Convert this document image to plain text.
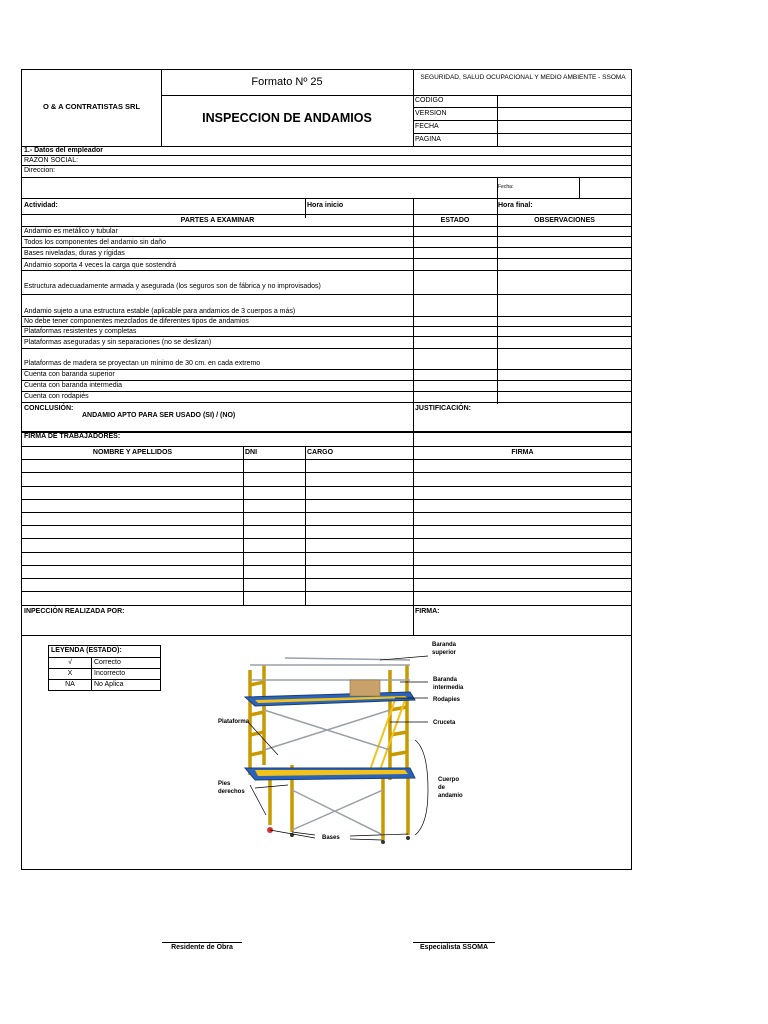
O & A CONTRATISTAS SRL
Formato Nº 25
INSPECCION DE ANDAMIOS
SEGURIDAD, SALUD OCUPACIONAL Y MEDIO AMBIENTE - SSOMA
CODIGO
VERSION
FECHA
PAGINA
1.- Datos del empleador
RAZON SOCIAL:
Direccion:
Fecha:
Actividad:	Hora inicio	Hora final:
PARTES A EXAMINAR	ESTADO	OBSERVACIONES
Andamio es metálico y tubular
Todos los componentes del andamio sin daño
Bases niveladas, duras y rígidas
Andamio soporta 4 veces la carga que sostendrá
Estructura adecuadamente armada y asegurada (los seguros son de fábrica y no improvisados)
Andamio sujeto a una estructura estable (aplicable para andamios de 3 cuerpos a más)
No debe tener componentes mezclados de diferentes tipos de andamios
Plataformas resistentes y completas
Plataformas aseguradas y sin separaciones (no se deslizan)
Plataformas de madera se proyectan un mínimo de 30 cm. en cada extremo
Cuenta con baranda superior
Cuenta con baranda intermedia
Cuenta con rodapiés
CONCLUSIÓN:
ANDAMIO APTO PARA SER USADO (SI) / (NO)
JUSTIFICACIÓN:
FIRMA DE TRABAJADORES:
NOMBRE Y APELLIDOS	DNI	CARGO	FIRMA
INPECCIÓN REALIZADA POR:	FIRMA:
LEYENDA (ESTADO):
√	Correcto
X	Incorrecto
NA	No Aplica
Baranda superior
Baranda intermedia
Rodapies
Cruceta
Plataforma
Pies derechos
Cuerpo de andamio
Bases
Residente de Obra	Especialista SSOMA
